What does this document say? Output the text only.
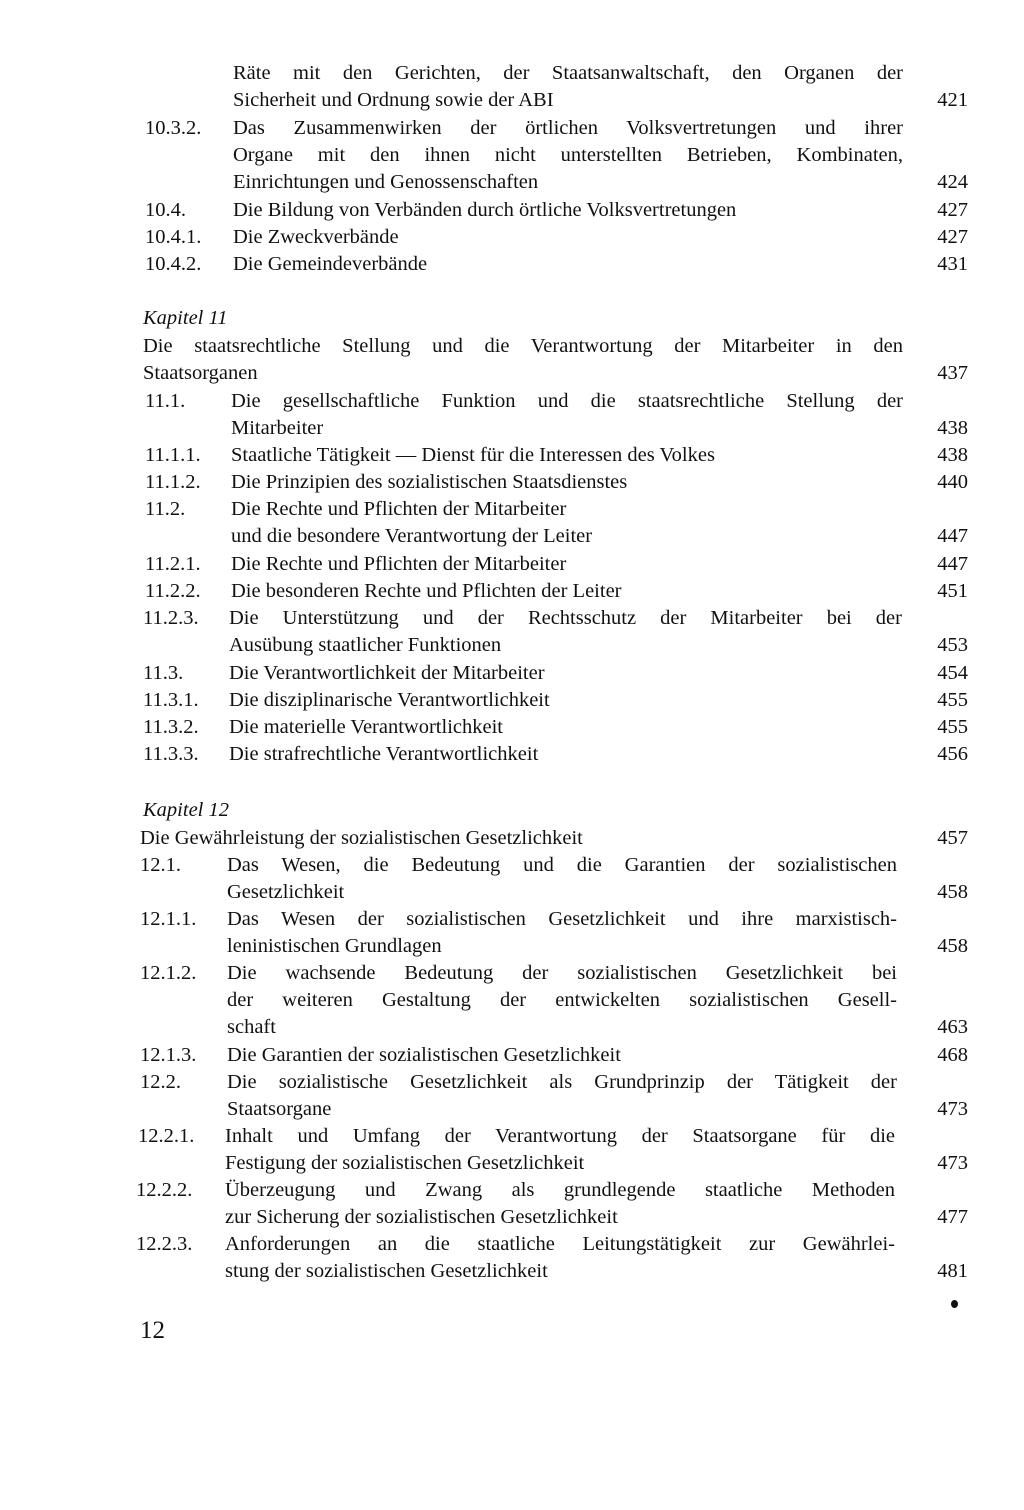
Räte mit den Gerichten, der Staatsanwaltschaft, den Organen der
Sicherheit und Ordnung sowie der ABI	421
10.3.2. Das Zusammenwirken der örtlichen Volksvertretungen und ihrer
Organe mit den ihnen nicht unterstellten Betrieben, Kombinaten,
Einrichtungen und Genossenschaften	424
10.4. Die Bildung von Verbänden durch örtliche Volksvertretungen	427
10.4.1. Die Zweckverbände	427
10.4.2. Die Gemeindeverbände	431
Kapitel 11
Die staatsrechtliche Stellung und die Verantwortung der Mitarbeiter in den
Staatsorganen	437
11.1. Die gesellschaftliche Funktion und die staatsrechtliche Stellung der
Mitarbeiter	438
11.1.1. Staatliche Tätigkeit — Dienst für die Interessen des Volkes	438
11.1.2. Die Prinzipien des sozialistischen Staatsdienstes	440
11.2. Die Rechte und Pflichten der Mitarbeiter
und die besondere Verantwortung der Leiter	447
11.2.1. Die Rechte und Pflichten der Mitarbeiter	447
11.2.2. Die besonderen Rechte und Pflichten der Leiter	451
11.2.3. Die Unterstützung und der Rechtsschutz der Mitarbeiter bei der
Ausübung staatlicher Funktionen	453
11.3. Die Verantwortlichkeit der Mitarbeiter	454
11.3.1. Die disziplinarische Verantwortlichkeit	455
11.3.2. Die materielle Verantwortlichkeit	455
11.3.3. Die strafrechtliche Verantwortlichkeit	456
Kapitel 12
Die Gewährleistung der sozialistischen Gesetzlichkeit	457
12.1. Das Wesen, die Bedeutung und die Garantien der sozialistischen
Gesetzlichkeit	458
12.1.1. Das Wesen der sozialistischen Gesetzlichkeit und ihre marxistisch-
leninistischen Grundlagen	458
12.1.2. Die wachsende Bedeutung der sozialistischen Gesetzlichkeit bei
der weiteren Gestaltung der entwickelten sozialistischen Gesell-
schaft	463
12.1.3. Die Garantien der sozialistischen Gesetzlichkeit	468
12.2. Die sozialistische Gesetzlichkeit als Grundprinzip der Tätigkeit der
Staatsorgane	473
12.2.1. Inhalt und Umfang der Verantwortung der Staatsorgane für die
Festigung der sozialistischen Gesetzlichkeit	473
12.2.2. Überzeugung und Zwang als grundlegende staatliche Methoden
zur Sicherung der sozialistischen Gesetzlichkeit	477
12.2.3. Anforderungen an die staatliche Leitungstätigkeit zur Gewährlei-
stung der sozialistischen Gesetzlichkeit	481
12
